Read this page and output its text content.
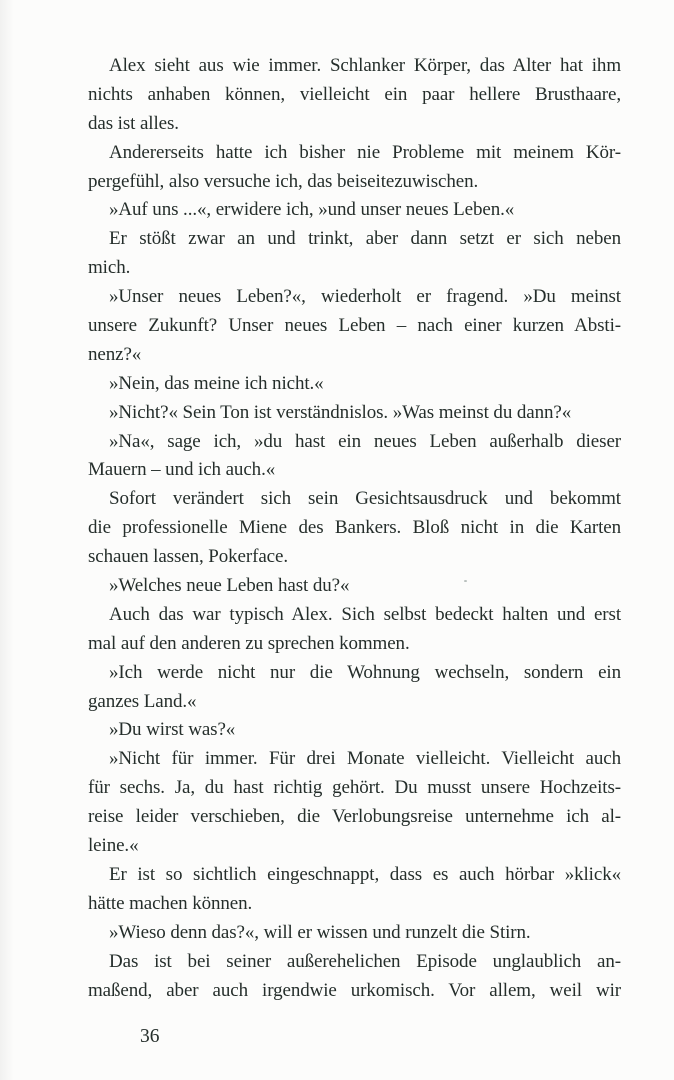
Alex sieht aus wie immer. Schlanker Körper, das Alter hat ihm
nichts anhaben können, vielleicht ein paar hellere Brusthaare,
das ist alles.
Andererseits hatte ich bisher nie Probleme mit meinem Kör-
pergefühl, also versuche ich, das beiseitezuwischen.
»Auf uns ...«, erwidere ich, »und unser neues Leben.«
Er stößt zwar an und trinkt, aber dann setzt er sich neben
mich.
»Unser neues Leben?«, wiederholt er fragend. »Du meinst
unsere Zukunft? Unser neues Leben – nach einer kurzen Absti-
nenz?«
»Nein, das meine ich nicht.«
»Nicht?« Sein Ton ist verständnislos. »Was meinst du dann?«
»Na«, sage ich, »du hast ein neues Leben außerhalb dieser
Mauern – und ich auch.«
Sofort verändert sich sein Gesichtsausdruck und bekommt
die professionelle Miene des Bankers. Bloß nicht in die Karten
schauen lassen, Pokerface.
»Welches neue Leben hast du?«
Auch das war typisch Alex. Sich selbst bedeckt halten und erst
mal auf den anderen zu sprechen kommen.
»Ich werde nicht nur die Wohnung wechseln, sondern ein
ganzes Land.«
»Du wirst was?«
»Nicht für immer. Für drei Monate vielleicht. Vielleicht auch
für sechs. Ja, du hast richtig gehört. Du musst unsere Hochzeits-
reise leider verschieben, die Verlobungsreise unternehme ich al-
leine.«
Er ist so sichtlich eingeschnappt, dass es auch hörbar »klick«
hätte machen können.
»Wieso denn das?«, will er wissen und runzelt die Stirn.
Das ist bei seiner außerehelichen Episode unglaublich an-
maßend, aber auch irgendwie urkomisch. Vor allem, weil wir
36
